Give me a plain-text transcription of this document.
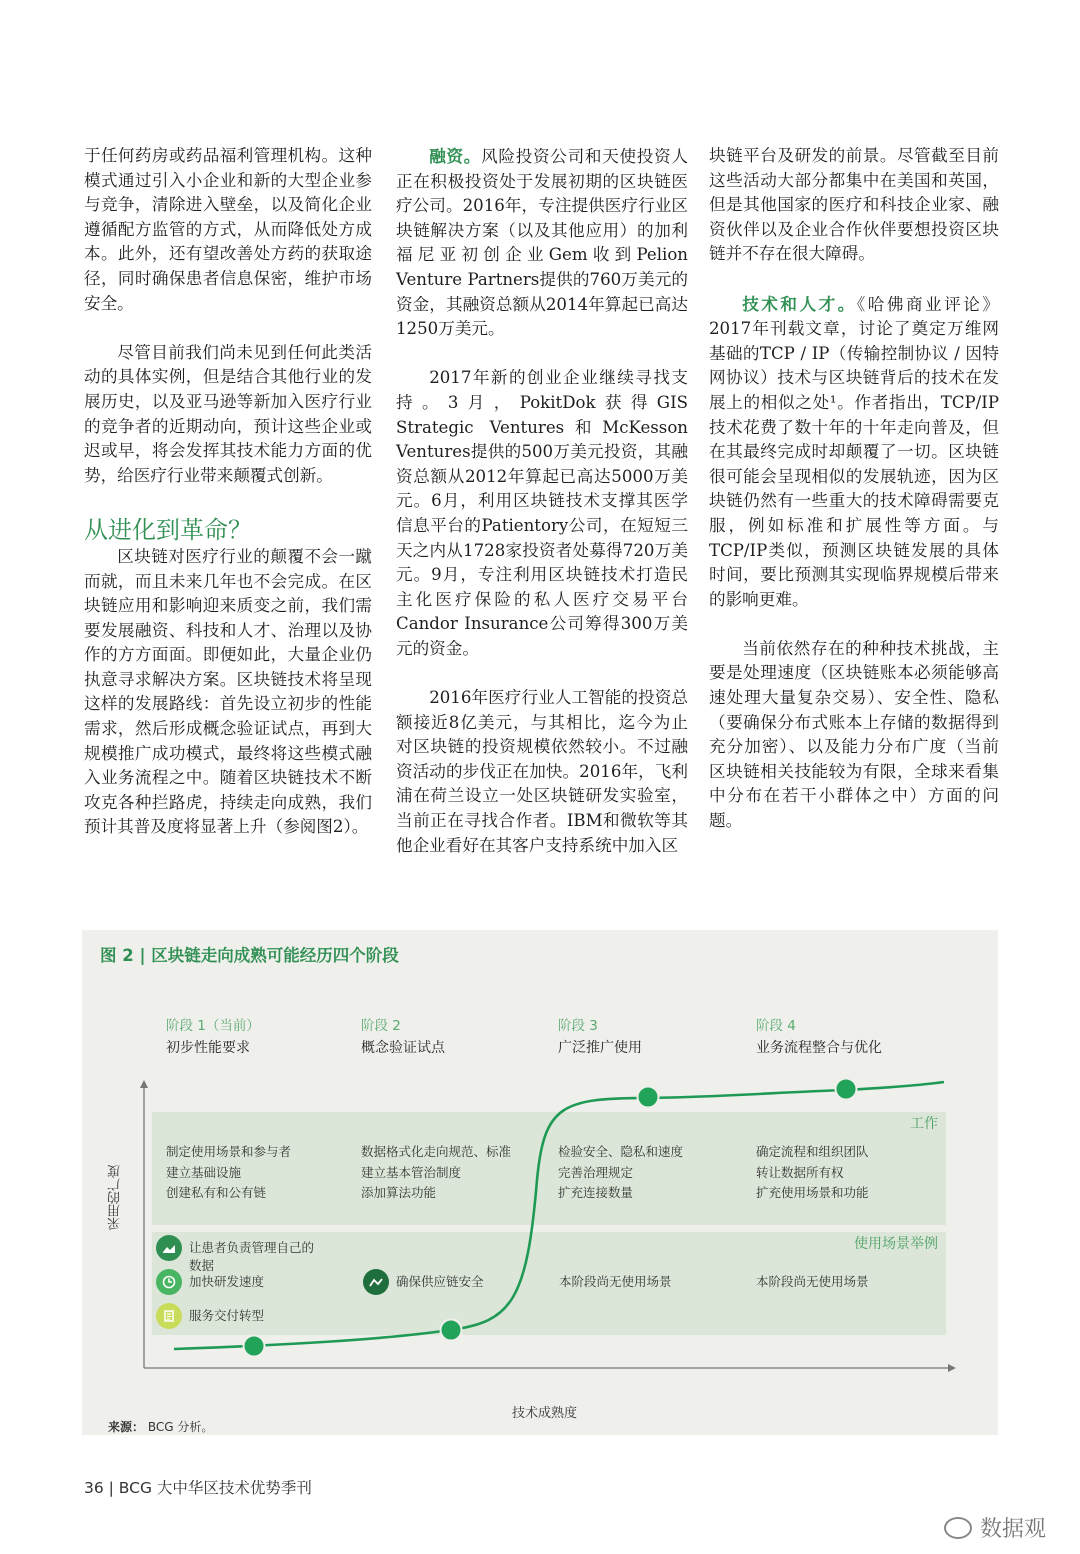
于任何药房或药品福利管理机构。这种模式通过引入小企业和新的大型企业参与竞争，清除进入壁垒，以及简化企业遵循配方监管的方式，从而降低处方成本。此外，还有望改善处方药的获取途径，同时确保患者信息保密，维护市场安全。

尽管目前我们尚未见到任何此类活动的具体实例，但是结合其他行业的发展历史，以及亚马逊等新加入医疗行业的竞争者的近期动向，预计这些企业或迟或早，将会发挥其技术能力方面的优势，给医疗行业带来颠覆式创新。

从进化到革命？

区块链对医疗行业的颠覆不会一蹴而就，而且未来几年也不会完成。在区块链应用和影响迎来质变之前，我们需要发展融资、科技和人才、治理以及协作的方方面面。即便如此，大量企业仍执意寻求解决方案。区块链技术将呈现这样的发展路线：首先设立初步的性能需求，然后形成概念验证试点，再到大规模推广成功模式，最终将这些模式融入业务流程之中。随着区块链技术不断攻克各种拦路虎，持续走向成熟，我们预计其普及度将显著上升（参阅图2）。

融资。风险投资公司和天使投资人正在积极投资处于发展初期的区块链医疗公司。2016年，专注提供医疗行业区块链解决方案（以及其他应用）的加利福尼亚初创企业Gem收到Pelion Venture Partners提供的760万美元的资金，其融资总额从2014年算起已高达1250万美元。

2017年新的创业企业继续寻找支持。3月，PokitDok获得GIS Strategic Ventures和McKesson Ventures提供的500万美元投资，其融资总额从2012年算起已高达5000万美元。6月，利用区块链技术支撑其医学信息平台的Patientory公司，在短短三天之内从1728家投资者处募得720万美元。9月，专注利用区块链技术打造民主化医疗保险的私人医疗交易平台Candor Insurance公司筹得300万美元的资金。

2016年医疗行业人工智能的投资总额接近8亿美元，与其相比，迄今为止对区块链的投资规模依然较小。不过融资活动的步伐正在加快。2016年，飞利浦在荷兰设立一处区块链研发实验室，当前正在寻找合作者。IBM和微软等其他企业看好在其客户支持系统中加入区

块链平台及研发的前景。尽管截至目前这些活动大部分都集中在美国和英国，但是其他国家的医疗和科技企业家、融资伙伴以及企业合作伙伴要想投资区块链并不存在很大障碍。

技术和人才。《哈佛商业评论》2017年刊载文章，讨论了奠定万维网基础的TCP / IP（传输控制协议 / 因特网协议）技术与区块链背后的技术在发展上的相似之处¹。作者指出，TCP/IP技术花费了数十年的十年走向普及，但在其最终完成时却颠覆了一切。区块链很可能会呈现相似的发展轨迹，因为区块链仍然有一些重大的技术障碍需要克服，例如标准和扩展性等方面。与TCP/IP类似，预测区块链发展的具体时间，要比预测其实现临界规模后带来的影响更难。

当前依然存在的种种技术挑战，主要是处理速度（区块链账本必须能够高速处理大量复杂交易）、安全性、隐私（要确保分布式账本上存储的数据得到充分加密）、以及能力分布广度（当前区块链相关技能较为有限，全球来看集中分布在若干小群体之中）方面的问题。

图 2 | 区块链走向成熟可能经历四个阶段
工作
使用场景举例
阶段 1（当前）
初步性能要求
阶段 2
概念验证试点
阶段 3
广泛推广使用
阶段 4
业务流程整合与优化
制定使用场景和参与者
建立基础设施
创建私有和公有链
数据格式化走向规范、标准
建立基本管治制度
添加算法功能
检验安全、隐私和速度
完善治理规定
扩充连接数量
确定流程和组织团队
转让数据所有权
扩充使用场景和功能
让患者负责管理自己的数据
加快研发速度
服务交付转型
确保供应链安全	本阶段尚无使用场景	本阶段尚无使用场景
采用的广度
技术成熟度
来源： BCG 分析。
36 | BCG 大中华区技术优势季刊
数据观
